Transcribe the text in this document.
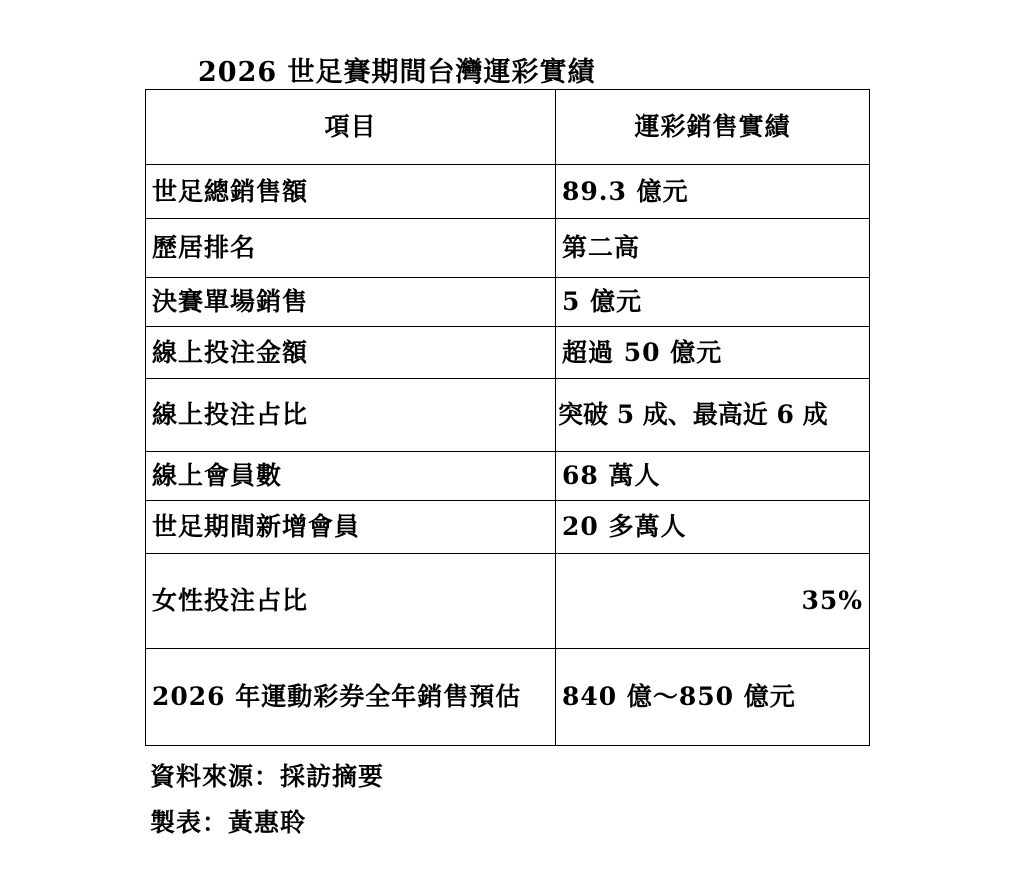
2026 世足賽期間台灣運彩實績
項目	運彩銷售實績
世足總銷售額	89.3 億元
歷居排名	第二高
決賽單場銷售	5 億元
線上投注金額	超過 50 億元
線上投注占比	突破 5 成、最高近 6 成
線上會員數	68 萬人
世足期間新增會員	20 多萬人
女性投注占比	35%
2026 年運動彩券全年銷售預估	840 億～850 億元
資料來源：採訪摘要
製表：黃惠聆
